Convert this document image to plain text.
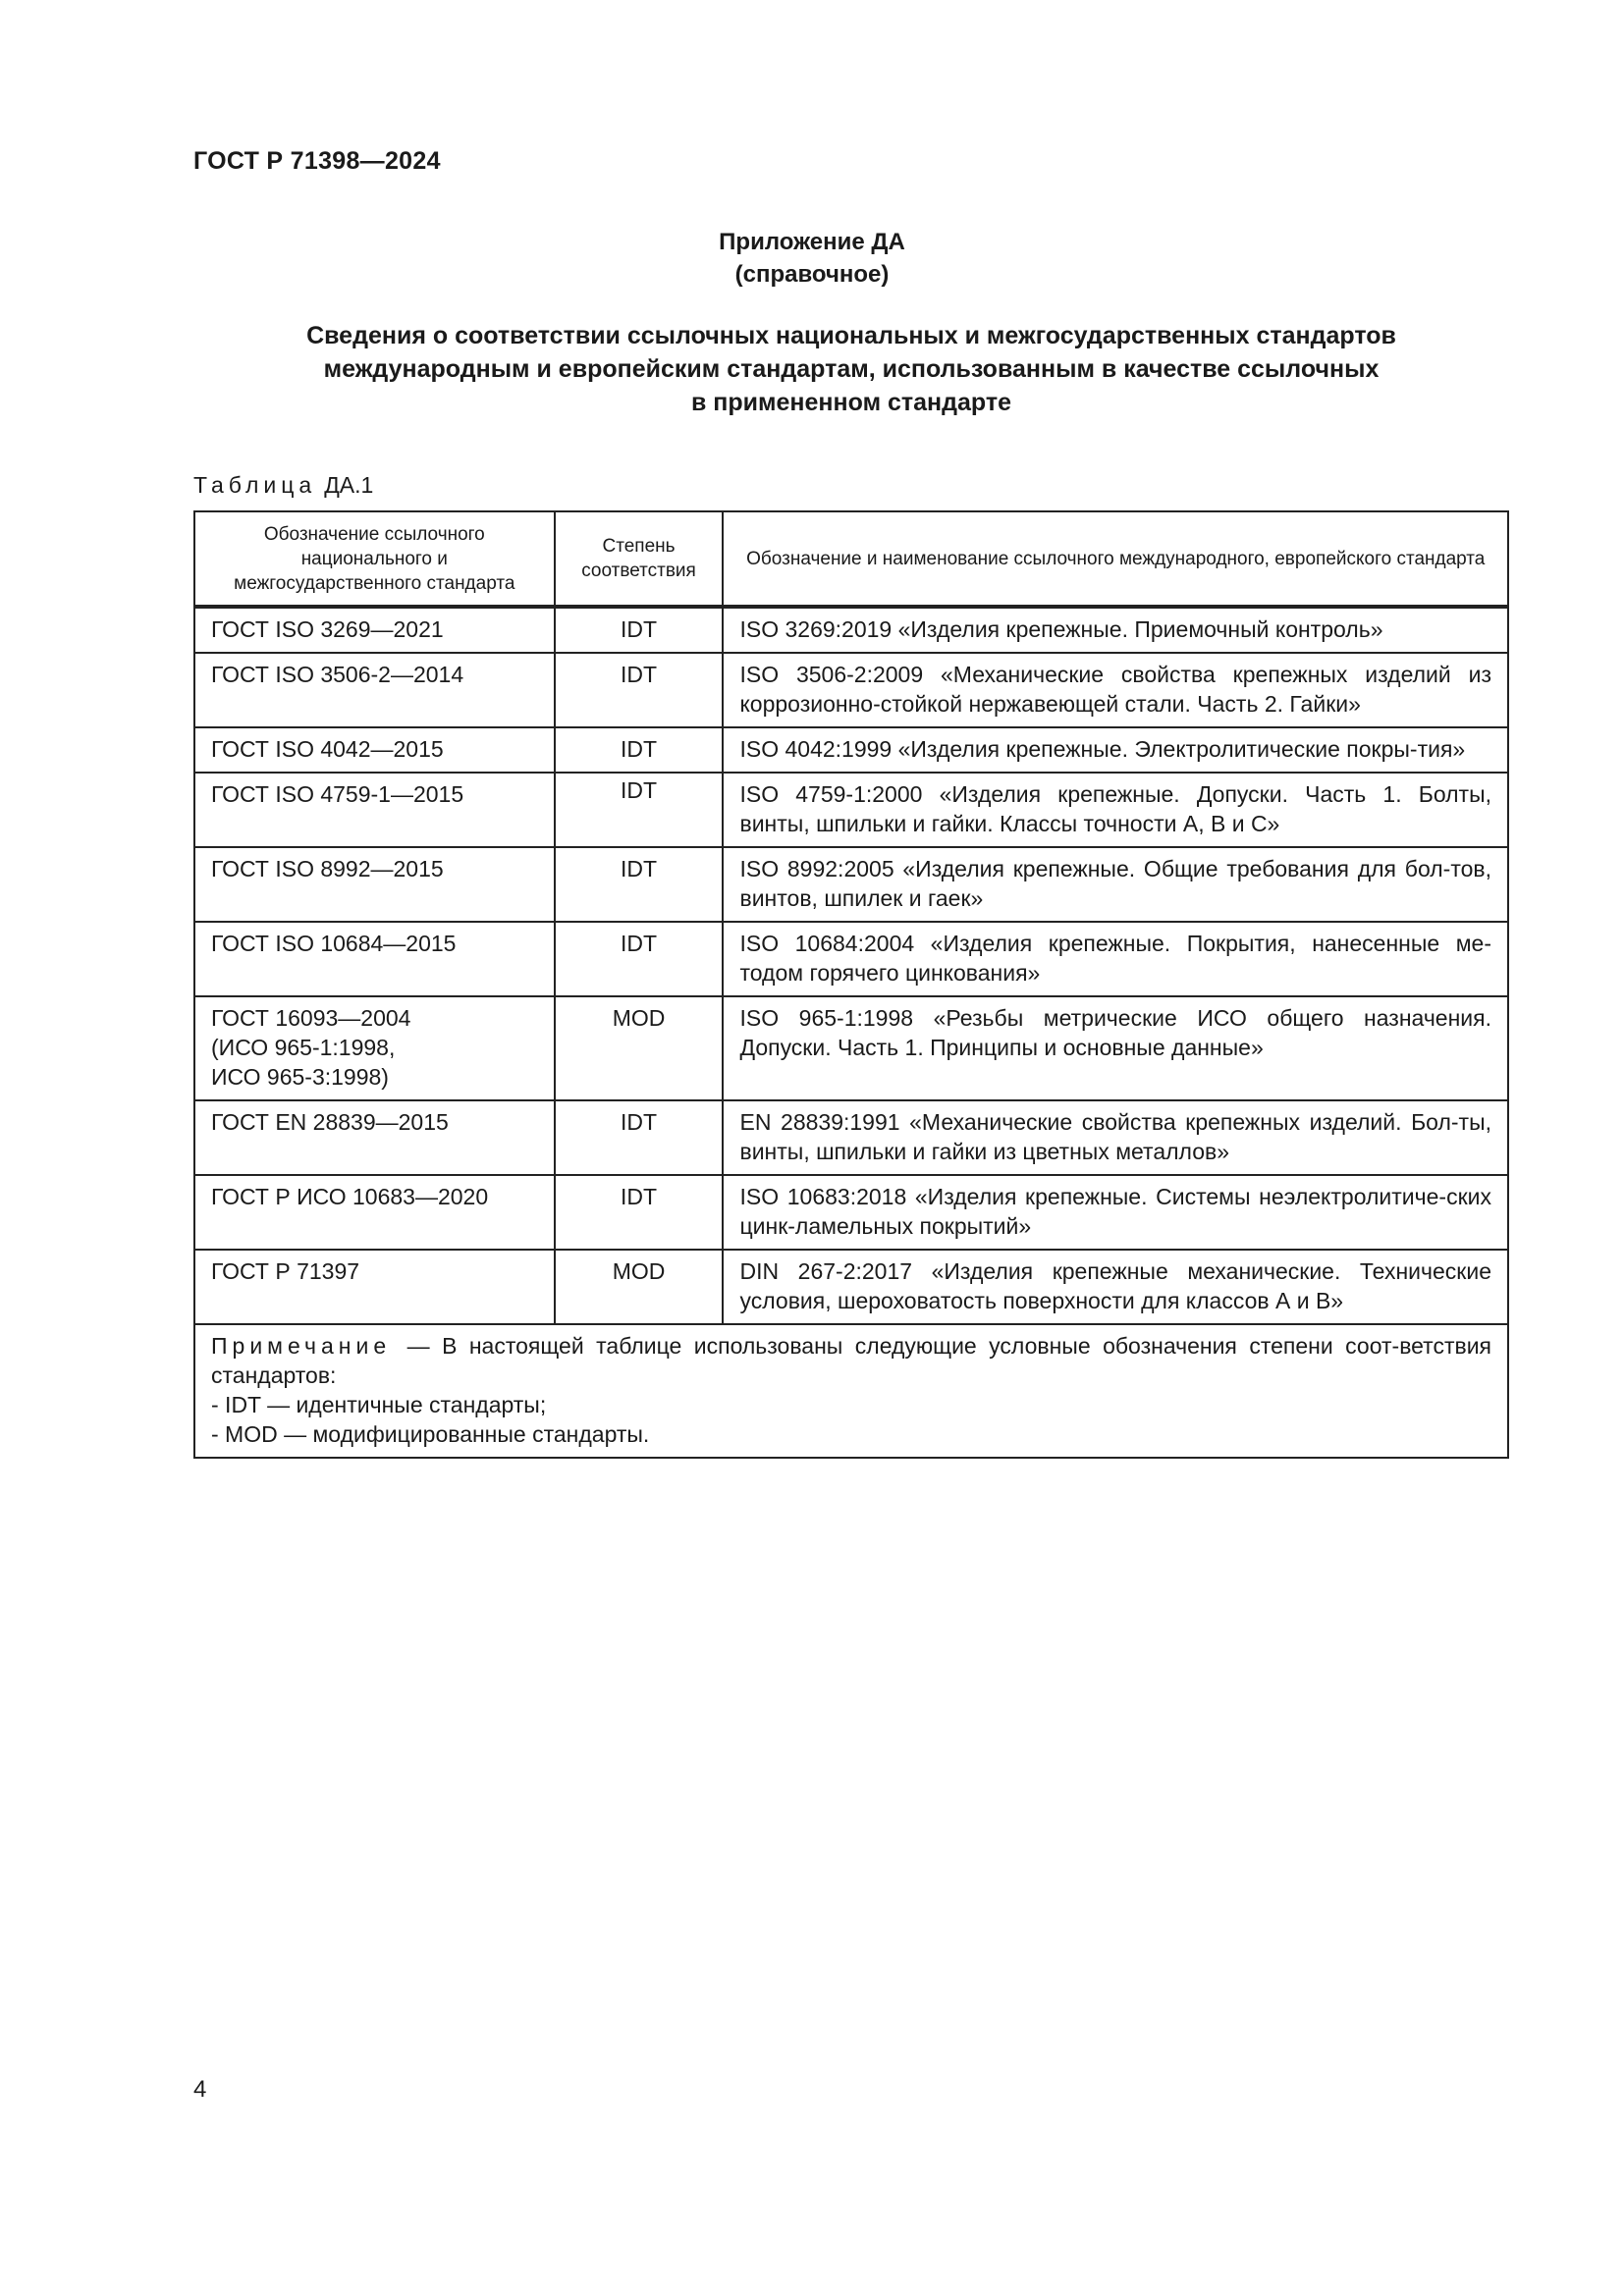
ГОСТ Р 71398—2024
Приложение ДА
(справочное)
Сведения о соответствии ссылочных национальных и межгосударственных стандартов
международным и европейским стандартам, использованным в качестве ссылочных
в примененном стандарте
Таблица ДА.1
Обозначение ссылочного национального и межгосударственного стандарта	Степень соответствия	Обозначение и наименование ссылочного международного, европейского стандарта
ГОСТ ISO 3269—2021	IDT	ISO 3269:2019 «Изделия крепежные. Приемочный контроль»
ГОСТ ISO 3506-2—2014	IDT	ISO 3506-2:2009 «Механические свойства крепежных изделий из коррозионно-стойкой нержавеющей стали. Часть 2. Гайки»
ГОСТ ISO 4042—2015	IDT	ISO 4042:1999 «Изделия крепежные. Электролитические покры-тия»
ГОСТ ISO 4759-1—2015	IDT	ISO 4759-1:2000 «Изделия крепежные. Допуски. Часть 1. Болты, винты, шпильки и гайки. Классы точности А, В и С»
ГОСТ ISO 8992—2015	IDT	ISO 8992:2005 «Изделия крепежные. Общие требования для бол-тов, винтов, шпилек и гаек»
ГОСТ ISO 10684—2015	IDT	ISO 10684:2004 «Изделия крепежные. Покрытия, нанесенные ме-тодом горячего цинкования»

ГОСТ 16093—2004
(ИСО 965-1:1998,
ИСО 965-3:1998)	MOD	ISO 965-1:1998 «Резьбы метрические ИСО общего назначения. Допуски. Часть 1. Принципы и основные данные»
ГОСТ EN 28839—2015	IDT	EN 28839:1991 «Механические свойства крепежных изделий. Бол-ты, винты, шпильки и гайки из цветных металлов»
ГОСТ Р ИСО 10683—2020	IDT	ISO 10683:2018 «Изделия крепежные. Системы неэлектролитиче-ских цинк-ламельных покрытий»
ГОСТ Р 71397	MOD	DIN 267-2:2017 «Изделия крепежные механические. Технические условия, шероховатость поверхности для классов А и В»

Примечание — В настоящей таблице использованы следующие условные обозначения степени соот-ветствия стандартов:
- IDT — идентичные стандарты;
- MOD — модифицированные стандарты.		
4
